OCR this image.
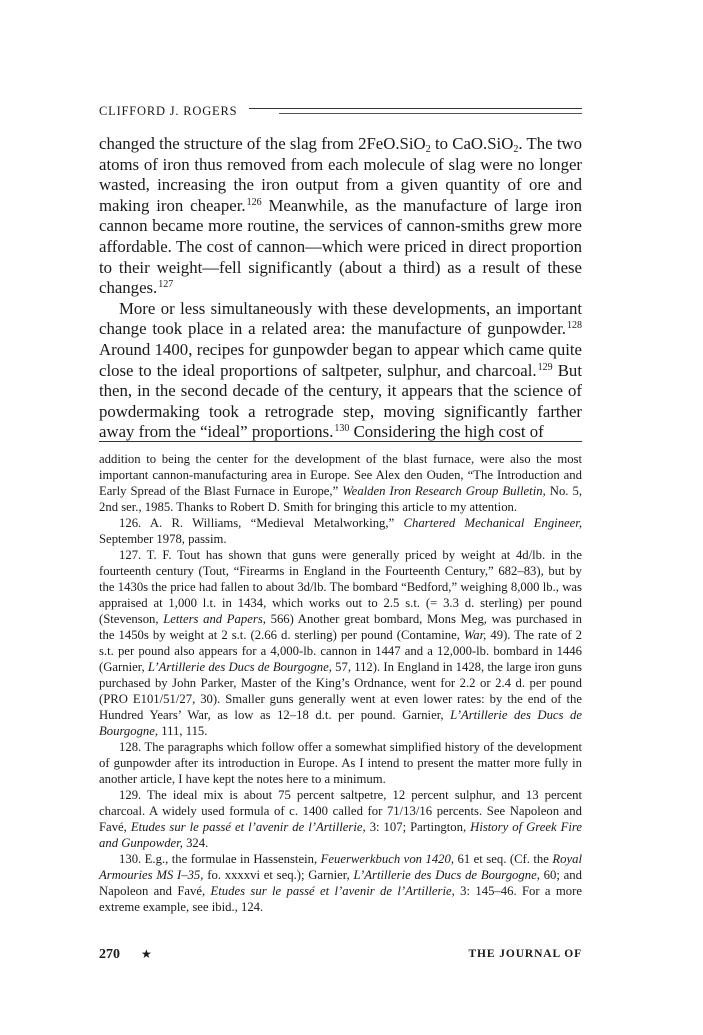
CLIFFORD J. ROGERS

changed the structure of the slag from 2FeO.SiO$_2$ to CaO.SiO$_2$. The two atoms of iron thus removed from each molecule of slag were no longer wasted, increasing the iron output from a given quantity of ore and making iron cheaper.$^{126}$ Meanwhile, as the manufacture of large iron cannon became more routine, the services of cannon-smiths grew more affordable. The cost of cannon—which were priced in direct proportion to their weight—fell significantly (about a third) as a result of these changes.$^{127}$

More or less simultaneously with these developments, an important change took place in a related area: the manufacture of gunpowder.$^{128}$ Around 1400, recipes for gunpowder began to appear which came quite close to the ideal proportions of saltpeter, sulphur, and charcoal.$^{129}$ But then, in the second decade of the century, it appears that the science of powdermaking took a retrograde step, moving significantly farther away from the “ideal” proportions.$^{130}$ Considering the high cost of

addition to being the center for the development of the blast furnace, were also the most important cannon-manufacturing area in Europe. See Alex den Ouden, “The Introduction and Early Spread of the Blast Furnace in Europe,” Wealden Iron Research Group Bulletin, No. 5, 2nd ser., 1985. Thanks to Robert D. Smith for bringing this article to my attention.

126. A. R. Williams, “Medieval Metalworking,” Chartered Mechanical Engineer, September 1978, passim.

127. T. F. Tout has shown that guns were generally priced by weight at 4d/lb. in the fourteenth century (Tout, “Firearms in England in the Fourteenth Century,” 682–83), but by the 1430s the price had fallen to about 3d/lb. The bombard “Bedford,” weighing 8,000 lb., was appraised at 1,000 l.t. in 1434, which works out to 2.5 s.t. (= 3.3 d. sterling) per pound (Stevenson, Letters and Papers, 566) Another great bombard, Mons Meg, was purchased in the 1450s by weight at 2 s.t. (2.66 d. sterling) per pound (Contamine, War, 49). The rate of 2 s.t. per pound also appears for a 4,000-lb. cannon in 1447 and a 12,000-lb. bombard in 1446 (Garnier, L’Artillerie des Ducs de Bourgogne, 57, 112). In England in 1428, the large iron guns purchased by John Parker, Master of the King’s Ordnance, went for 2.2 or 2.4 d. per pound (PRO E101/51/27, 30). Smaller guns generally went at even lower rates: by the end of the Hundred Years’ War, as low as 12–18 d.t. per pound. Garnier, L’Artillerie des Ducs de Bourgogne, 111, 115.

128. The paragraphs which follow offer a somewhat simplified history of the development of gunpowder after its introduction in Europe. As I intend to present the matter more fully in another article, I have kept the notes here to a minimum.

129. The ideal mix is about 75 percent saltpetre, 12 percent sulphur, and 13 percent charcoal. A widely used formula of c. 1400 called for 71/13/16 percents. See Napoleon and Favé, Etudes sur le passé et l’avenir de l’Artillerie, 3: 107; Partington, History of Greek Fire and Gunpowder, 324.

130. E.g., the formulae in Hassenstein, Feuerwerkbuch von 1420, 61 et seq. (Cf. the Royal Armouries MS I–35, fo. xxxxvi et seq.); Garnier, L’Artillerie des Ducs de Bourgogne, 60; and Napoleon and Favé, Etudes sur le passé et l’avenir de l’Artillerie, 3: 145–46. For a more extreme example, see ibid., 124.

270 ★	THE JOURNAL OF
